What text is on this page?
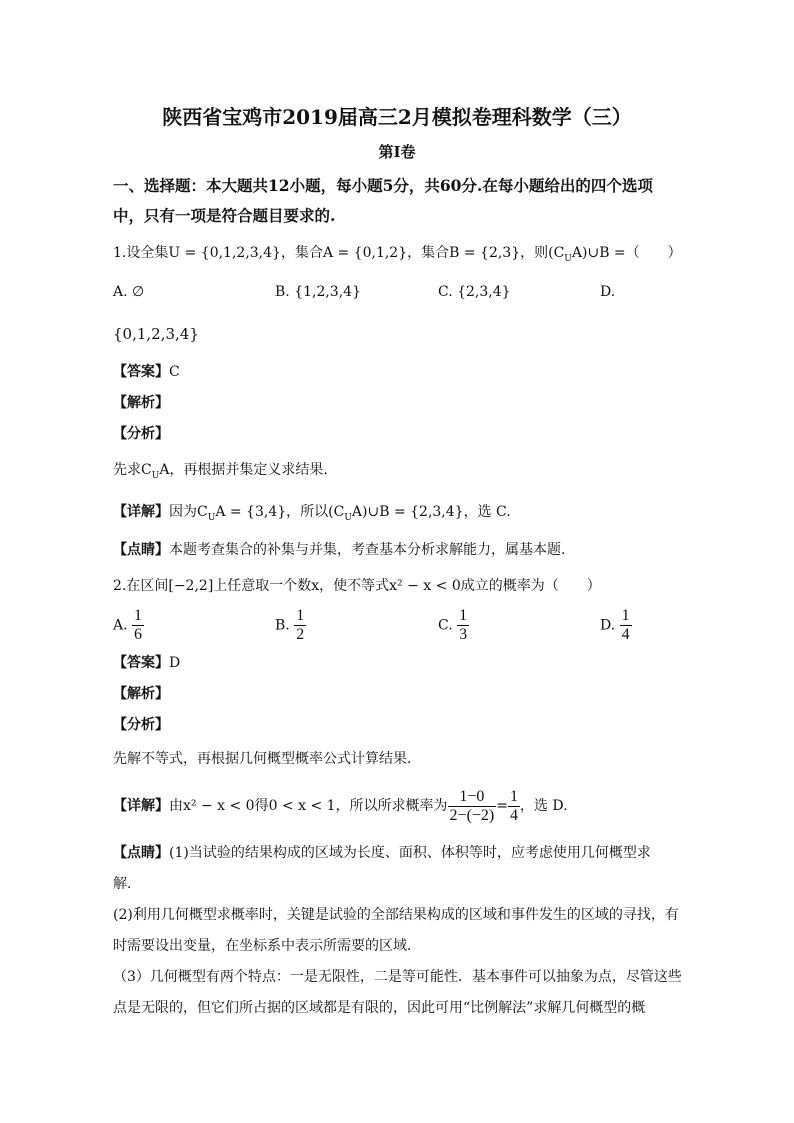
陕西省宝鸡市2019届高三2月模拟卷理科数学（三）
第Ⅰ卷
一、选择题：本大题共12小题，每小题5分，共60分.在每小题给出的四个选项
中，只有一项是符合题目要求的.
1.设全集U = {0,1,2,3,4}，集合A = {0,1,2}，集合B = {2,3}，则$(C_UA)\cup B$ =（　　）
A. ∅	B. {1,2,3,4}	C. {2,3,4}	D.
{0,1,2,3,4}
【答案】C
【解析】
【分析】
先求$C_UA$，再根据并集定义求结果.
【详解】因为$C_UA = \{3,4\}$，所以$(C_UA)\cup B = \{2,3,4\}$，选 C.
【点睛】本题考查集合的补集与并集，考查基本分析求解能力，属基本题.
2.在区间[−2,2]上任意取一个数x，使不等式x² − x < 0成立的概率为（　　）
A. $\frac{1}{6}$	B. $\frac{1}{2}$	C. $\frac{1}{3}$	D. $\frac{1}{4}$
【答案】D
【解析】
【分析】
先解不等式，再根据几何概型概率公式计算结果.
【详解】由x² − x < 0得0 < x < 1，所以所求概率为 $\frac{1-0}{2-(-2)} = \frac{1}{4}$ ，选 D.
【点睛】(1)当试验的结果构成的区域为长度、面积、体积等时，应考虑使用几何概型求
解．
(2)利用几何概型求概率时，关键是试验的全部结果构成的区域和事件发生的区域的寻找，有
时需要设出变量，在坐标系中表示所需要的区域．
（3）几何概型有两个特点：一是无限性，二是等可能性．基本事件可以抽象为点，尽管这些
点是无限的，但它们所占据的区域都是有限的，因此可用“比例解法”求解几何概型的概
